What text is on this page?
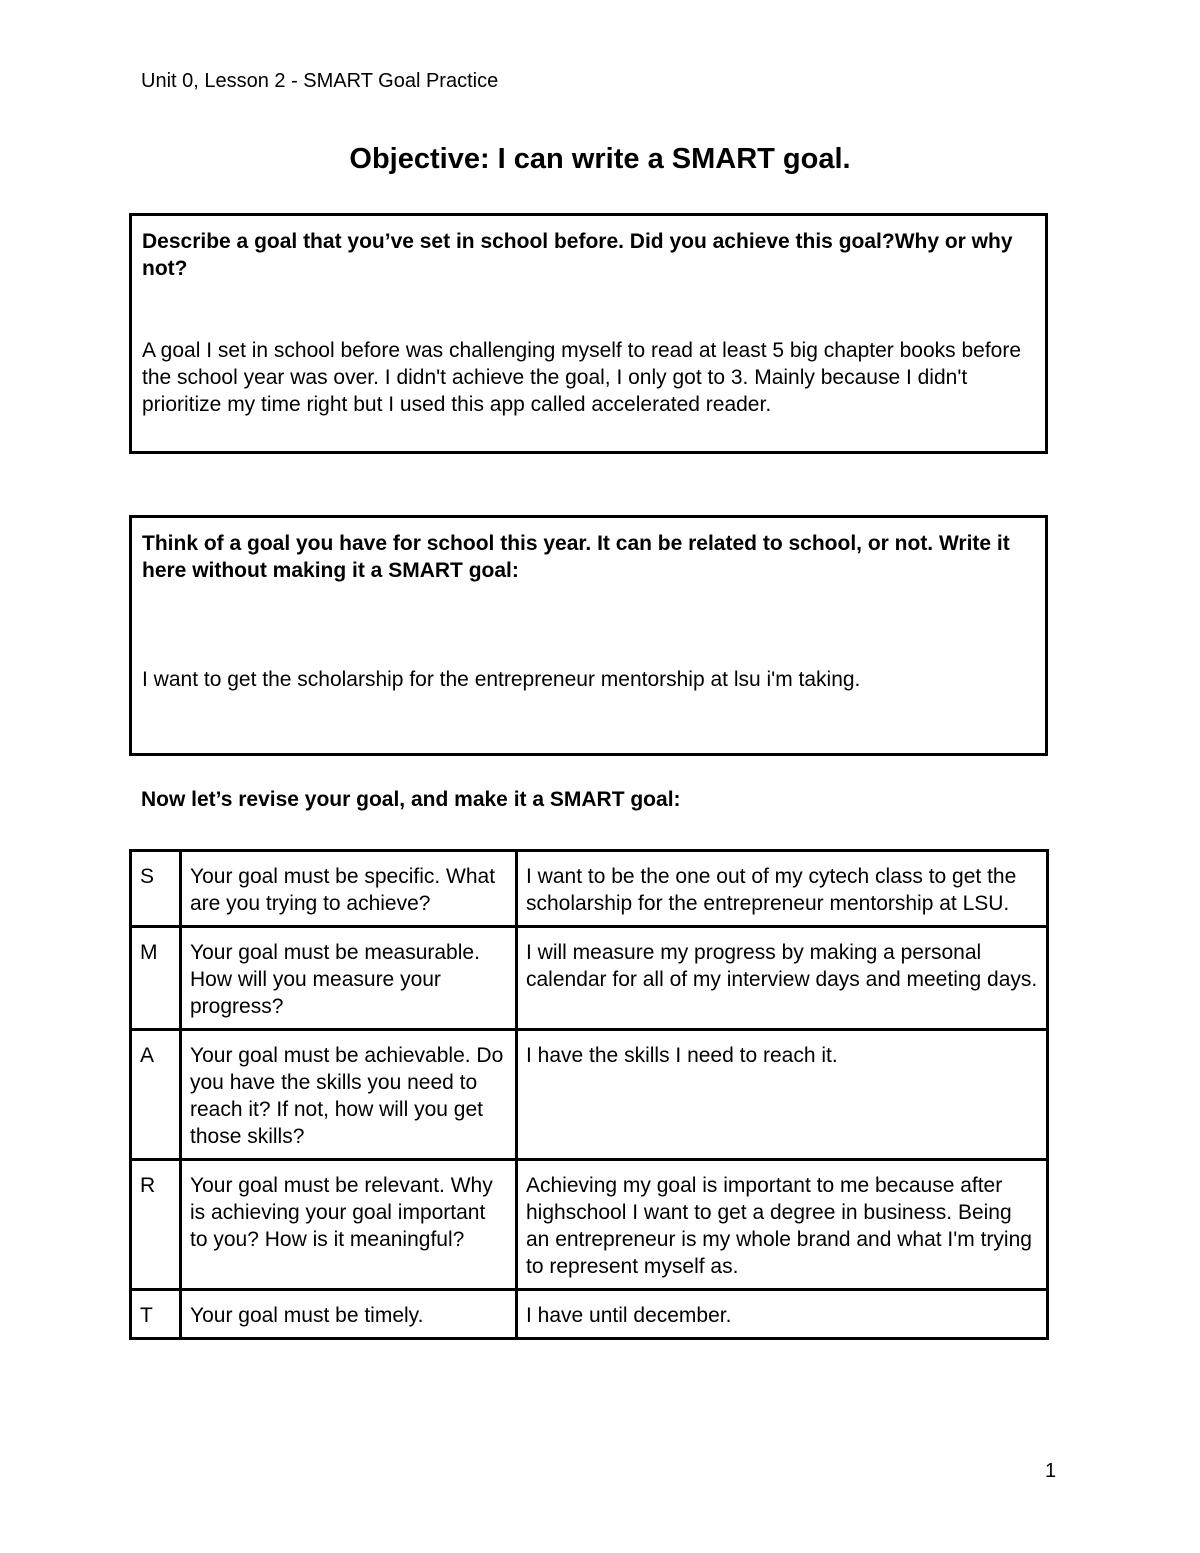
Unit 0, Lesson 2 - SMART Goal Practice
Objective: I can write a SMART goal.
Describe a goal that you’ve set in school before. Did you achieve this goal?Why or why not?
A goal I set in school before was challenging myself to read at least 5 big chapter books before the school year was over. I didn't achieve the goal, I only got to 3. Mainly because I didn't prioritize my time right but I used this app called accelerated reader.
Think of a goal you have for school this year. It can be related to school, or not. Write it here without making it a SMART goal:
I want to get the scholarship for the entrepreneur mentorship at lsu i'm taking.
Now let’s revise your goal, and make it a SMART goal:
S	Your goal must be specific. What are you trying to achieve?	I want to be the one out of my cytech class to get the scholarship for the entrepreneur mentorship at LSU.
M	Your goal must be measurable. How will you measure your progress?	I will measure my progress by making a personal calendar for all of my interview days and meeting days.
A	Your goal must be achievable. Do you have the skills you need to reach it? If not, how will you get those skills?	I have the skills I need to reach it.
R	Your goal must be relevant. Why is achieving your goal important to you? How is it meaningful?	Achieving my goal is important to me because after highschool I want to get a degree in business. Being an entrepreneur is my whole brand and what I'm trying to represent myself as.
T	Your goal must be timely.	I have until december.
1
